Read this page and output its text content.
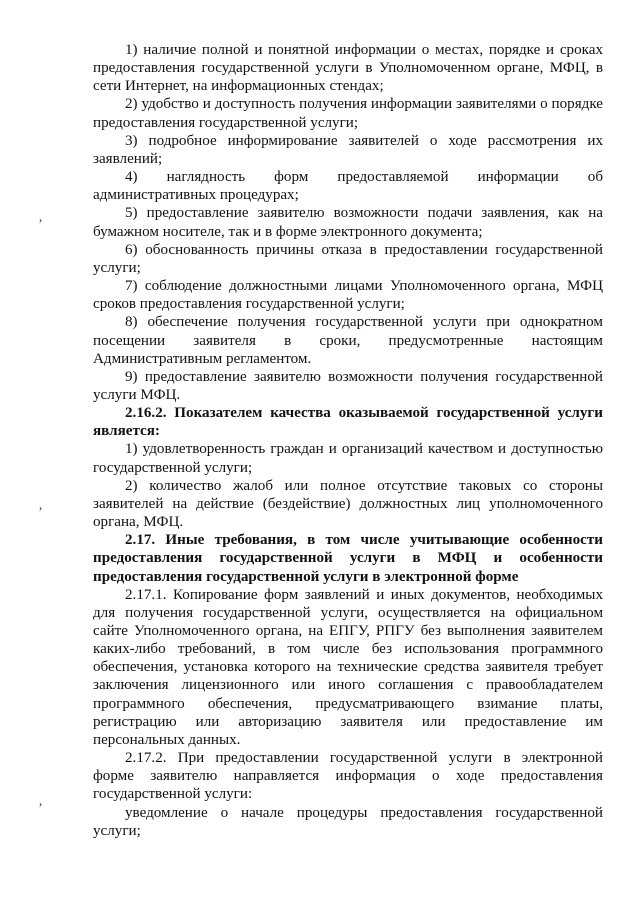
1) наличие полной и понятной информации о местах, порядке и сроках предоставления государственной услуги в Уполномоченном органе, МФЦ, в сети Интернет, на информационных стендах;

2) удобство и доступность получения информации заявителями о порядке предоставления государственной услуги;

3) подробное информирование заявителей о ходе рассмотрения их заявлений;

4) наглядность форм предоставляемой информации об административных процедурах;

5) предоставление заявителю возможности подачи заявления, как на бумажном носителе, так и в форме электронного документа;

6) обоснованность причины отказа в предоставлении государственной услуги;

7) соблюдение должностными лицами Уполномоченного органа, МФЦ сроков предоставления государственной услуги;

8) обеспечение получения государственной услуги при однократном посещении заявителя в сроки, предусмотренные настоящим Административным регламентом.

9) предоставление заявителю возможности получения государственной услуги МФЦ.

2.16.2. Показателем качества оказываемой государственной услуги является:

1) удовлетворенность граждан и организаций качеством и доступностью государственной услуги;

2) количество жалоб или полное отсутствие таковых со стороны заявителей на действие (бездействие) должностных лиц уполномоченного органа, МФЦ.

2.17. Иные требования, в том числе учитывающие особенности предоставления государственной услуги в МФЦ и особенности предоставления государственной услуги в электронной форме

2.17.1. Копирование форм заявлений и иных документов, необходимых для получения государственной услуги, осуществляется на официальном сайте Уполномоченного органа, на ЕПГУ, РПГУ без выполнения заявителем каких-либо требований, в том числе без использования программного обеспечения, установка которого на технические средства заявителя требует заключения лицензионного или иного соглашения с правообладателем программного обеспечения, предусматривающего взимание платы, регистрацию или авторизацию заявителя или предоставление им персональных данных.

2.17.2. При предоставлении государственной услуги в электронной форме заявителю направляется информация о ходе предоставления государственной услуги:

уведомление о начале процедуры предоставления государственной услуги;

,
,
,
